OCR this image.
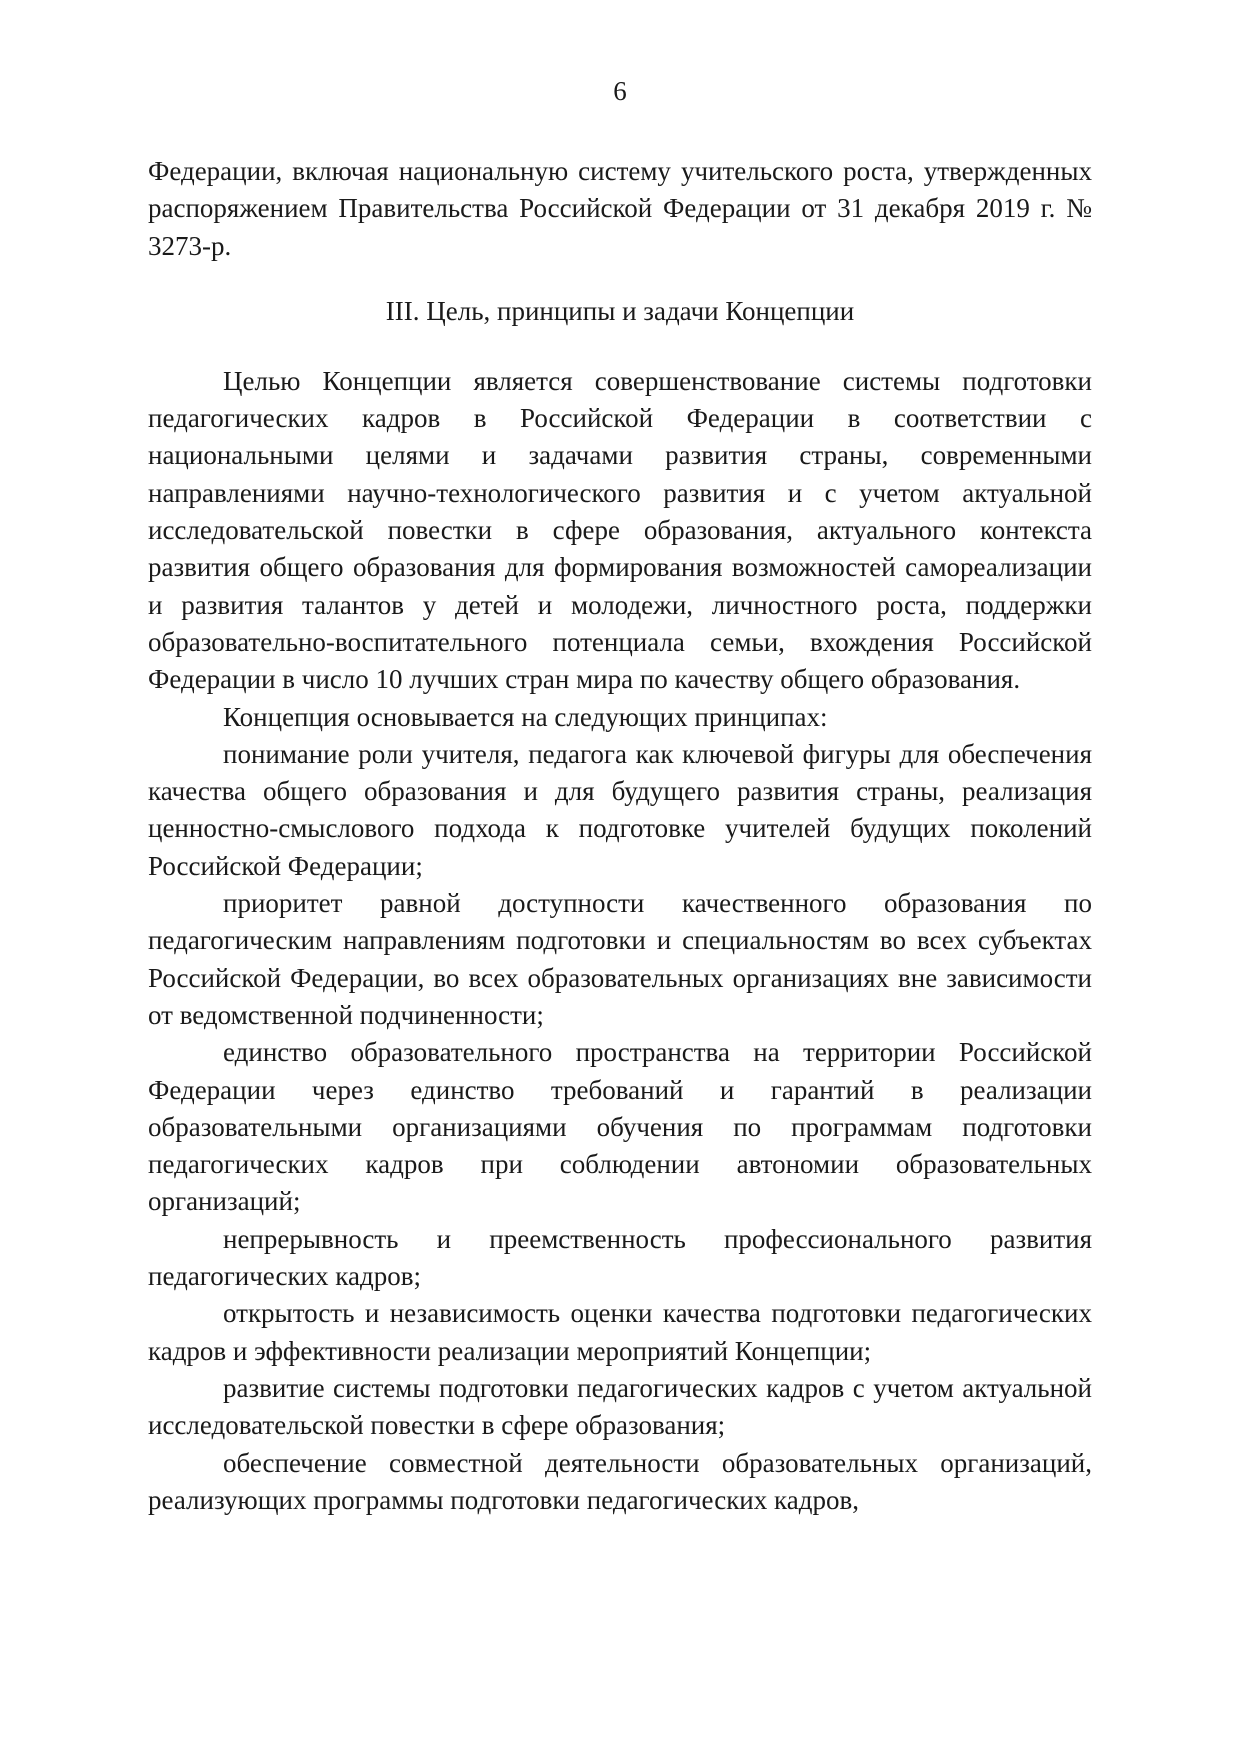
6

Федерации, включая национальную систему учительского роста, утвержденных распоряжением Правительства Российской Федерации от 31 декабря 2019 г. № 3273-р.

III. Цель, принципы и задачи Концепции

Целью Концепции является совершенствование системы подготовки педагогических кадров в Российской Федерации в соответствии с национальными целями и задачами развития страны, современными направлениями научно-технологического развития и с учетом актуальной исследовательской повестки в сфере образования, актуального контекста развития общего образования для формирования возможностей самореализации и развития талантов у детей и молодежи, личностного роста, поддержки образовательно-воспитательного потенциала семьи, вхождения Российской Федерации в число 10 лучших стран мира по качеству общего образования.

Концепция основывается на следующих принципах:

понимание роли учителя, педагога как ключевой фигуры для обеспечения качества общего образования и для будущего развития страны, реализация ценностно-смыслового подхода к подготовке учителей будущих поколений Российской Федерации;

приоритет равной доступности качественного образования по педагогическим направлениям подготовки и специальностям во всех субъектах Российской Федерации, во всех образовательных организациях вне зависимости от ведомственной подчиненности;

единство образовательного пространства на территории Российской Федерации через единство требований и гарантий в реализации образовательными организациями обучения по программам подготовки педагогических кадров при соблюдении автономии образовательных организаций;

непрерывность и преемственность профессионального развития педагогических кадров;

открытость и независимость оценки качества подготовки педагогических кадров и эффективности реализации мероприятий Концепции;

развитие системы подготовки педагогических кадров с учетом актуальной исследовательской повестки в сфере образования;

обеспечение совместной деятельности образовательных организаций, реализующих программы подготовки педагогических кадров,
